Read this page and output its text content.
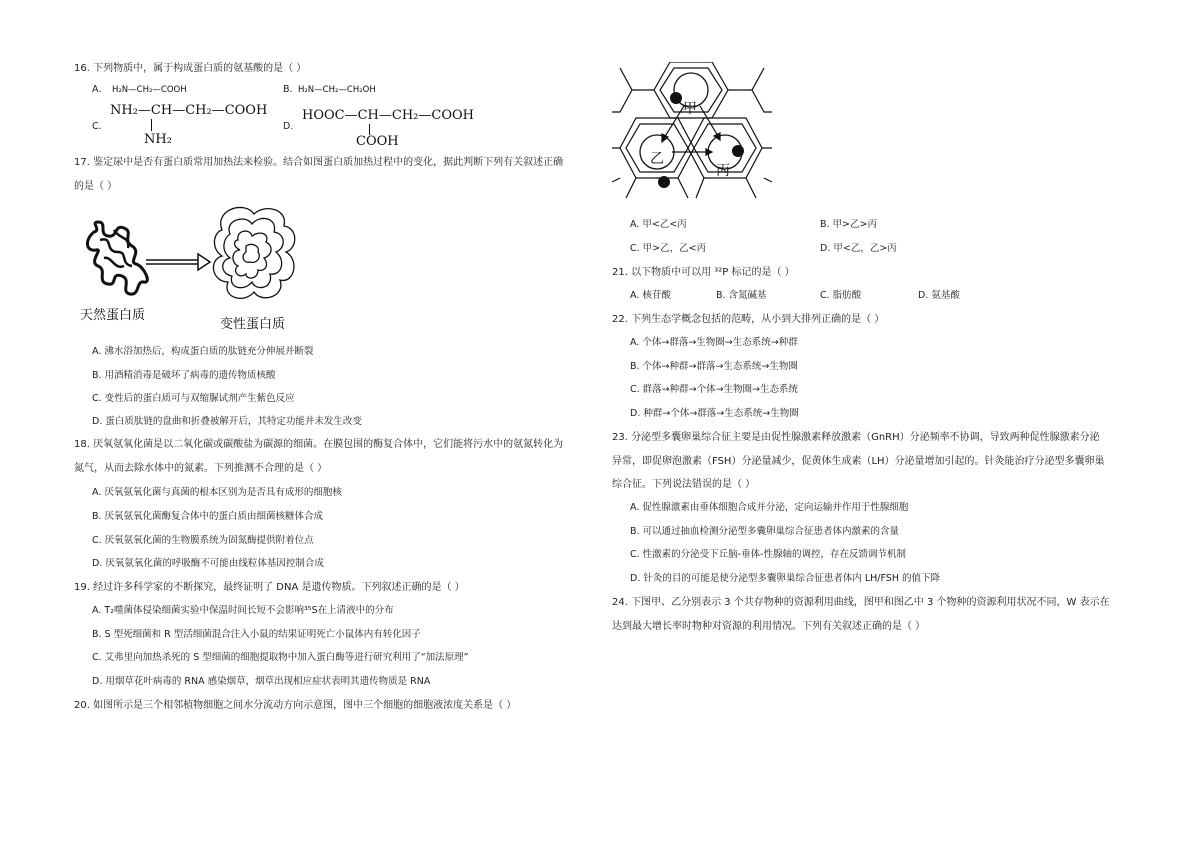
16. 下列物质中，属于构成蛋白质的氨基酸的是（ ）
A. H₂N—CH₂—COOH	B. H₂N—CH₂—CH₂OH
C.
NH₂—CH—CH₂—COOH
NH₂
D.
HOOC—CH—CH₂—COOH
COOH
17. 鉴定尿中是否有蛋白质常用加热法来检验。结合如图蛋白质加热过程中的变化，据此判断下列有关叙述正确
的是（ ）
天然蛋白质
变性蛋白质
A. 沸水浴加热后，构成蛋白质的肽链充分伸展并断裂
B. 用酒精消毒是破坏了病毒的遗传物质核酸
C. 变性后的蛋白质可与双缩脲试剂产生紫色反应
D. 蛋白质肽链的盘曲和折叠被解开后，其特定功能并未发生改变
18. 厌氧氨氧化菌是以二氧化碳或碳酸盐为碳源的细菌。在膜包围的酶复合体中，它们能将污水中的氨氮转化为
氮气，从而去除水体中的氮素。下列推测不合理的是（ ）
A. 厌氧氨氧化菌与真菌的根本区别为是否具有成形的细胞核
B. 厌氧氨氧化菌酶复合体中的蛋白质由细菌核糖体合成
C. 厌氧氨氧化菌的生物膜系统为固氮酶提供附着位点
D. 厌氧氨氧化菌的呼吸酶不可能由线粒体基因控制合成
19. 经过许多科学家的不断探究，最终证明了 DNA 是遗传物质。下列叙述正确的是（ ）
A. T₂噬菌体侵染细菌实验中保温时间长短不会影响³⁵S在上清液中的分布
B. S 型死细菌和 R 型活细菌混合注入小鼠的结果证明死亡小鼠体内有转化因子
C. 艾弗里向加热杀死的 S 型细菌的细胞提取物中加入蛋白酶等进行研究利用了“加法原理”
D. 用烟草花叶病毒的 RNA 感染烟草，烟草出现相应症状表明其遗传物质是 RNA
20. 如图所示是三个相邻植物细胞之间水分流动方向示意图，图中三个细胞的细胞液浓度关系是（ ）
甲
乙
丙
A. 甲<乙<丙	B. 甲>乙>丙
C. 甲>乙，乙<丙	D. 甲<乙，乙>丙
21. 以下物质中可以用 ³²P 标记的是（ ）
A. 核苷酸	B. 含氮碱基	C. 脂肪酸	D. 氨基酸
22. 下列生态学概念包括的范畴，从小到大排列正确的是（ ）
A. 个体→群落→生物圈→生态系统→种群
B. 个体→种群→群落→生态系统→生物圈
C. 群落→种群→个体→生物圈→生态系统
D. 种群→个体→群落→生态系统→生物圈
23. 分泌型多囊卵巢综合征主要是由促性腺激素释放激素（GnRH）分泌频率不协调，导致两种促性腺激素分泌
异常，即促卵泡激素（FSH）分泌量减少，促黄体生成素（LH）分泌量增加引起的。针灸能治疗分泌型多囊卵巢
综合征。下列说法错误的是（ ）
A. 促性腺激素由垂体细胞合成并分泌，定向运输并作用于性腺细胞
B. 可以通过抽血检测分泌型多囊卵巢综合征患者体内激素的含量
C. 性激素的分泌受下丘脑-垂体-性腺轴的调控，存在反馈调节机制
D. 针灸的目的可能是使分泌型多囊卵巢综合征患者体内 LH/FSH 的值下降
24. 下图甲、乙分别表示 3 个共存物种的资源利用曲线，图甲和图乙中 3 个物种的资源利用状况不同，W 表示在
达到最大增长率时物种对资源的利用情况。下列有关叙述正确的是（ ）
